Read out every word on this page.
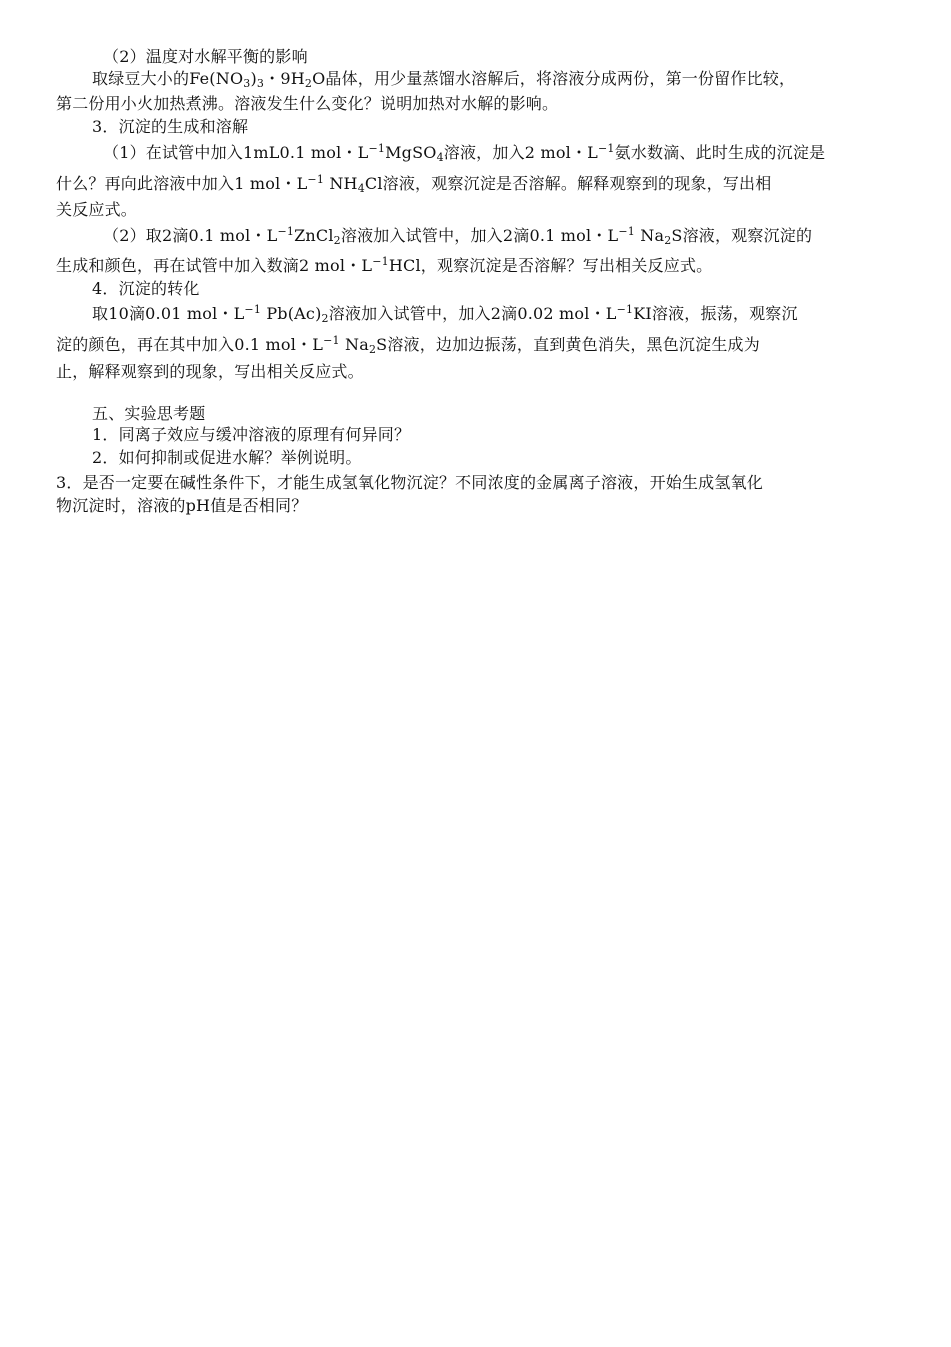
（2）温度对水解平衡的影响
取绿豆大小的$Fe(NO_3)_3$・$9H_2O$晶体，用少量蒸馏水溶解后，将溶液分成两份，第一份留作比较，
第二份用小火加热煮沸。溶液发生什么变化？说明加热对水解的影响。
3．沉淀的生成和溶解
（1）在试管中加入1mL0.1 mol・$L^{-1}MgSO_4$溶液，加入2 mol・$L^{-1}$氨水数滴、此时生成的沉淀是
什么？再向此溶液中加入1 mol・$L^{-1}$ $NH_4Cl$溶液，观察沉淀是否溶解。解释观察到的现象，写出相
关反应式。
（2）取2滴0.1 mol・$L^{-1}ZnCl_2$溶液加入试管中，加入2滴0.1 mol・$L^{-1}$ $Na_2S$溶液，观察沉淀的
生成和颜色，再在试管中加入数滴2 mol・$L^{-1}HCl$，观察沉淀是否溶解？写出相关反应式。
4．沉淀的转化
取10滴0.01 mol・$L^{-1}$ $Pb(Ac)_2$溶液加入试管中，加入2滴0.02 mol・$L^{-1}KI$溶液，振荡，观察沉
淀的颜色，再在其中加入0.1 mol・$L^{-1}$ $Na_2S$溶液，边加边振荡，直到黄色消失，黑色沉淀生成为
止，解释观察到的现象，写出相关反应式。
五、实验思考题
1．同离子效应与缓冲溶液的原理有何异同？
2．如何抑制或促进水解？举例说明。
3．是否一定要在碱性条件下，才能生成氢氧化物沉淀？不同浓度的金属离子溶液，开始生成氢氧化
物沉淀时，溶液的pH值是否相同？
